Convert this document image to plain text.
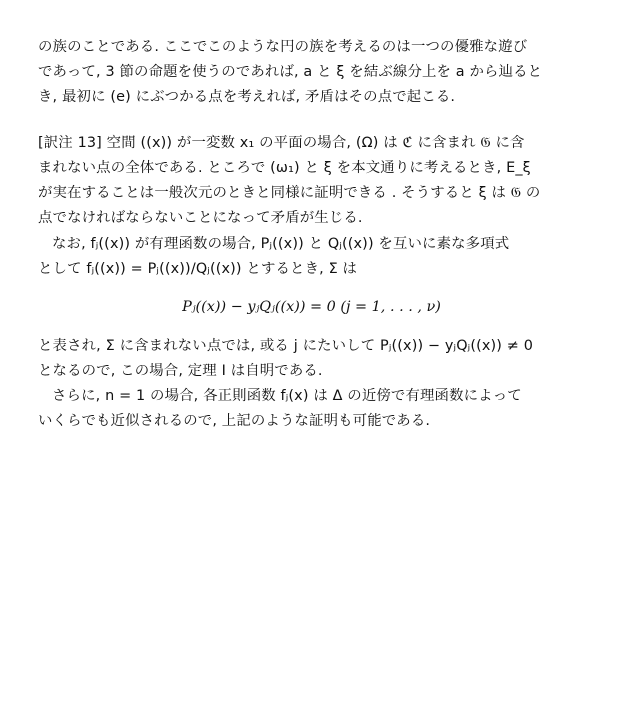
の族のことである. ここでこのような円の族を考えるのは一つの優雅な遊び
であって, 3 節の命題を使うのであれば, a と ξ を結ぶ線分上を a から辿ると
き, 最初に (e) にぶつかる点を考えれば, 矛盾はその点で起こる.
[訳注 13] 空間 ((x)) が一変数 x₁ の平面の場合, (Ω) は ℭ に含まれ 𝔊 に含
まれない点の全体である. ところで (ω₁) と ξ を本文通りに考えるとき, E_ξ
が実在することは一般次元のときと同様に証明できる . そうすると ξ は 𝔊 の
点でなければならないことになって矛盾が生じる.
なお, fⱼ((x)) が有理函数の場合, Pⱼ((x)) と Qⱼ((x)) を互いに素な多項式
として fⱼ((x)) = Pⱼ((x))/Qⱼ((x)) とするとき, Σ は
Pⱼ((x)) − yⱼQⱼ((x)) = 0 (j = 1, . . . , ν)
と表され, Σ に含まれない点では, 或る j にたいして Pⱼ((x)) − yⱼQⱼ((x)) ≠ 0
となるので, この場合, 定理 I は自明である.
さらに, n = 1 の場合, 各正則函数 fⱼ(x) は Δ の近傍で有理函数によって
いくらでも近似されるので, 上記のような証明も可能である.
